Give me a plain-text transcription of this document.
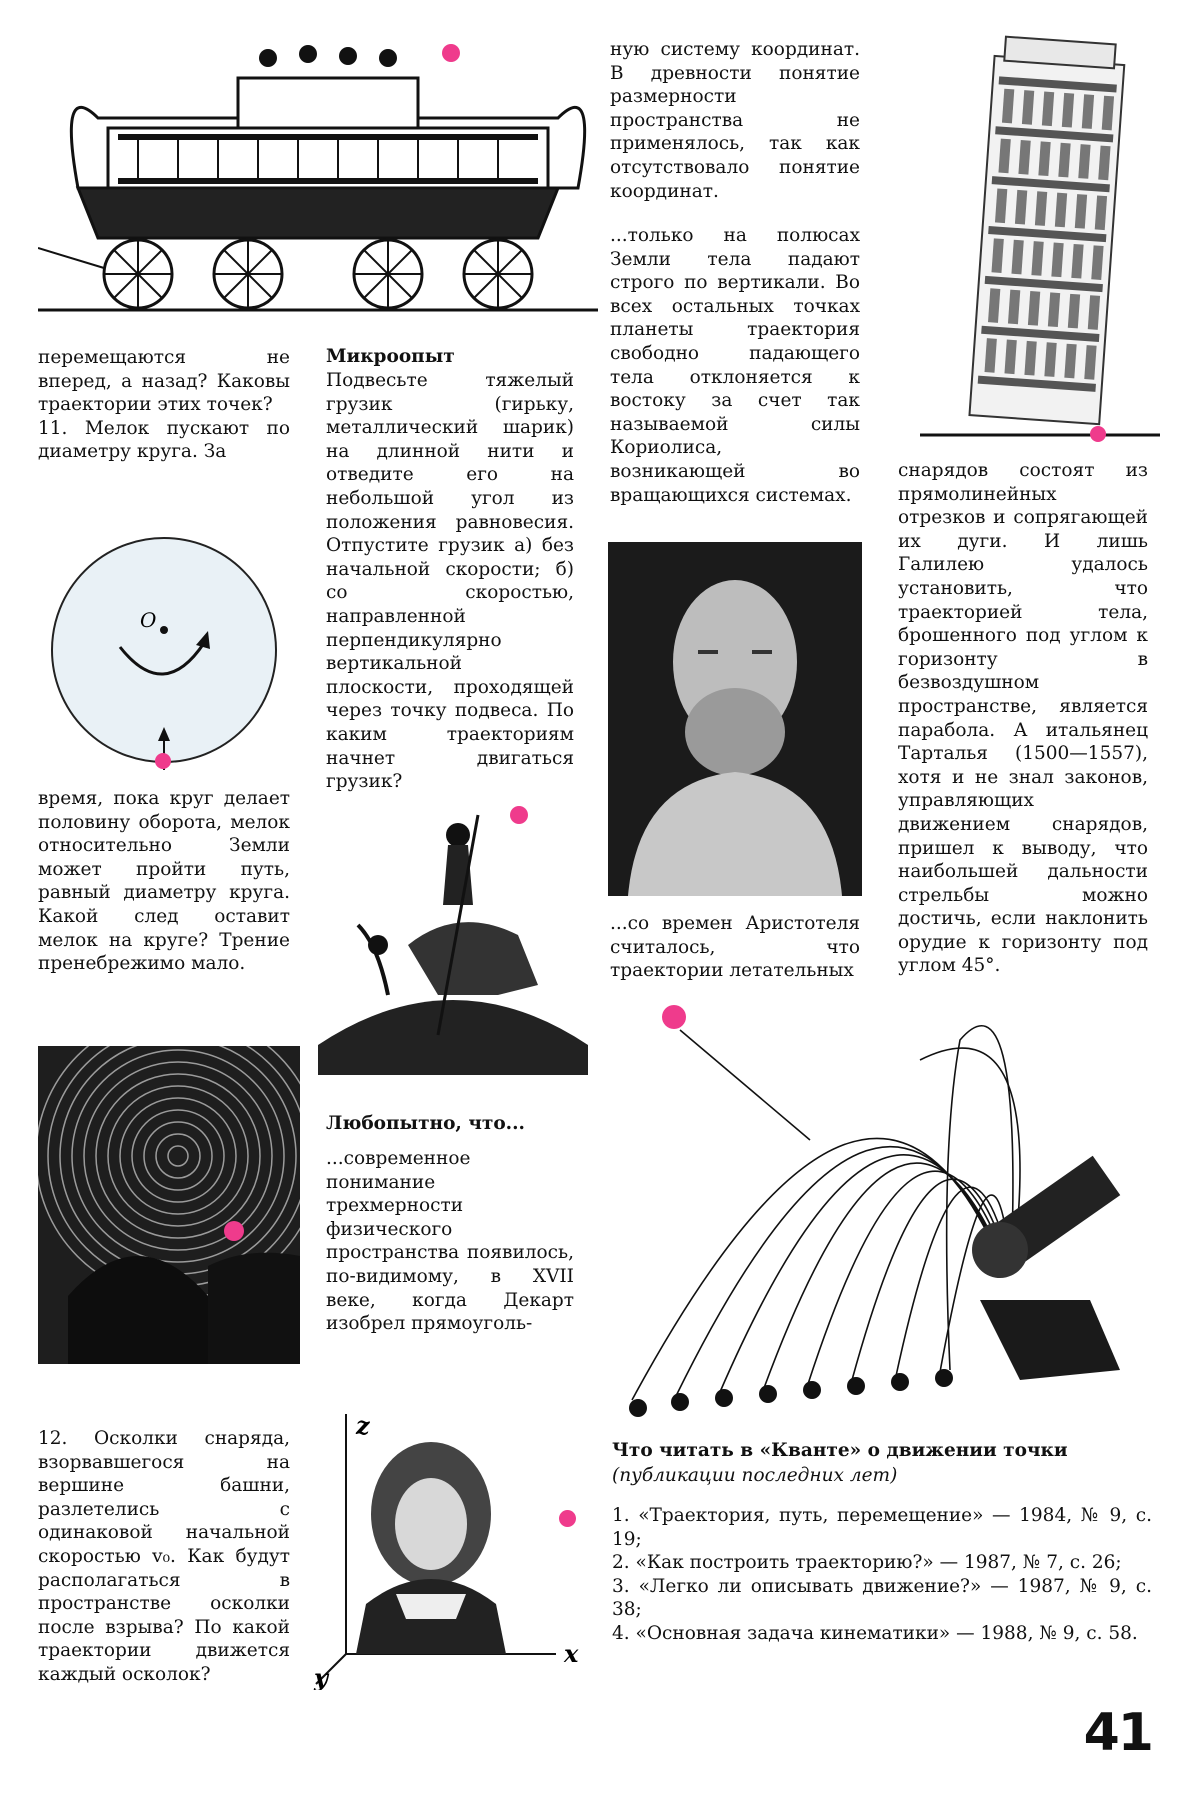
перемещаются не вперед, а назад? Каковы траектории этих точек?

11. Мелок пускают по диаметру круга. За

O

время, пока круг делает половину оборота, мелок относительно Земли может пройти путь, равный диаметру круга. Какой след оставит мелок на круге? Трение пренебрежимо мало.

12. Осколки снаряда, взорвавшегося на вершине башни, разлетелись с одинаковой начальной скоростью v₀. Как будут располагаться в пространстве осколки после взрыва? По какой траектории движется каждый осколок?

Микроопыт

Подвесьте тяжелый грузик (гирьку, металлический шарик) на длинной нити и отведите его на небольшой угол из положения равновесия. Отпустите грузик а) без начальной скорости; б) со скоростью, направленной перпендикулярно вертикальной плоскости, проходящей через точку подвеса. По каким траекториям начнет двигаться грузик?

Любопытно, что...

...современное понимание трехмерности физического пространства появилось, по-видимому, в XVII веке, когда Декарт изобрел прямоуголь-

z
x
y

ную систему координат. В древности понятие размерности пространства не применялось, так как отсутствовало понятие координат.

...только на полюсах Земли тела падают строго по вертикали. Во всех остальных точках планеты траектория свободно падающего тела отклоняется к востоку за счет так называемой силы Кориолиса, возникающей во вращающихся системах.

...со времен Аристотеля считалось, что траектории летательных

снарядов состоят из прямолинейных отрезков и сопрягающей их дуги. И лишь Галилею удалось установить, что траекторией тела, брошенного под углом к горизонту в безвоздушном пространстве, является парабола. А итальянец Тарталья (1500—1557), хотя и не знал законов, управляющих движением снарядов, пришел к выводу, что наибольшей дальности стрельбы можно достичь, если наклонить орудие к горизонту под углом 45°.

Что читать в «Кванте» о движении точки
(публикации последних лет)

1. «Траектория, путь, перемещение» — 1984, № 9, с. 19;

2. «Как построить траекторию?» — 1987, № 7, с. 26;

3. «Легко ли описывать движение?» — 1987, № 9, с. 38;

4. «Основная задача кинематики» — 1988, № 9, с. 58.

41
